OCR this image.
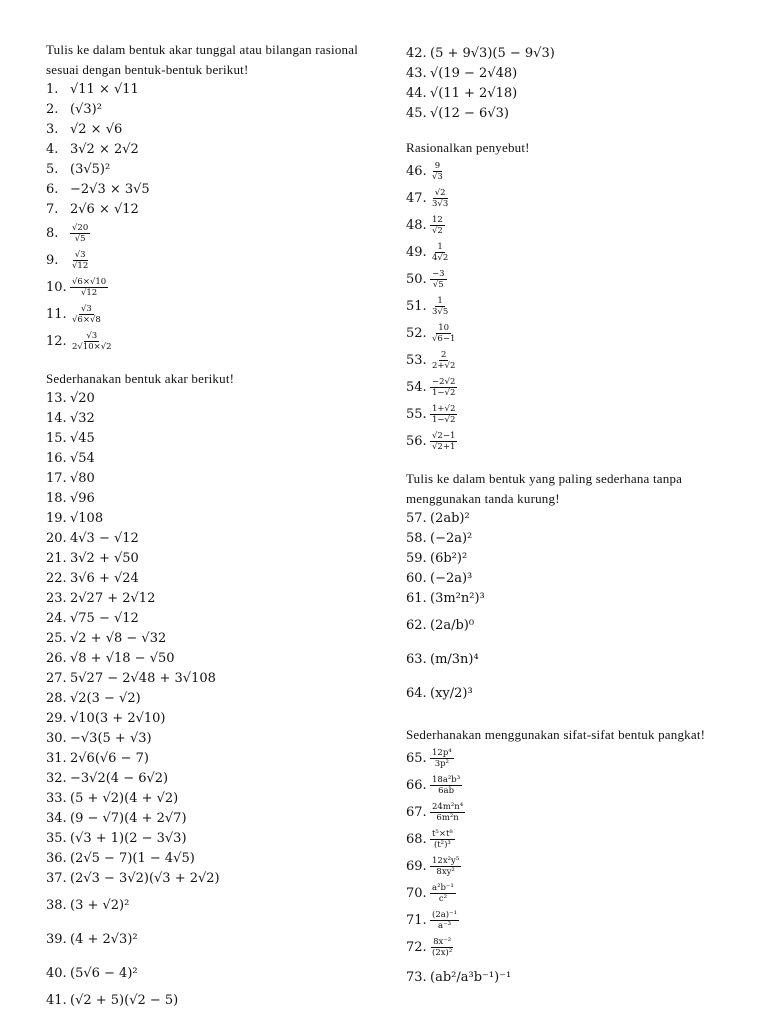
Tulis ke dalam bentuk akar tunggal atau bilangan rasional sesuai dengan bentuk-bentuk berikut!
1. √11 × √11
2. (√3)²
3. √2 × √6
4. 3√2 × 2√2
5. (3√5)²
6. −2√3 × 3√5
7. 2√6 × √12
8.	$\frac{√20}{√5}$
9.	$\frac{√3}{√12}$
10. $\frac{√6\times√10}{√12}$
11. $\frac{√3}{√6\times√8}$
12. $\frac{√3}{2√10\times√2}$
Sederhanakan bentuk akar berikut!
13. √20
14. √32
15. √45
16. √54
17. √80
18. √96
19. √108
20. 4√3 − √12
21. 3√2 + √50
22. 3√6 + √24
23. 2√27 + 2√12
24. √75 − √12
25. √2 + √8 − √32
26. √8 + √18 − √50
27. 5√27 − 2√48 + 3√108
28. √2(3 − √2)
29. √10(3 + 2√10)
30. −√3(5 + √3)
31. 2√6(√6 − 7)
32. −3√2(4 − 6√2)
33. (5 + √2)(4 + √2)
34. (9 − √7)(4 + 2√7)
35. (√3 + 1)(2 − 3√3)
36. (2√5 − 7)(1 − 4√5)
37. (2√3 − 3√2)(√3 + 2√2)
38. (3 + √2)²
39. (4 + 2√3)²
40. (5√6 − 4)²
41. (√2 + 5)(√2 − 5)
42. (5 + 9√3)(5 − 9√3)
43. √(19 − 2√48)
44. √(11 + 2√18)
45. √(12 − 6√3)
Rasionalkan penyebut!
46. $\frac{9}{√3}$
47. $\frac{√2}{3√3}$
48. $\frac{12}{√2}$
49. $\frac{1}{4√2}$
50. $\frac{-3}{√5}$
51. $\frac{1}{3√5}$
52. $\frac{10}{√6-1}$
53. $\frac{2}{2+√2}$
54. $\frac{-2√2}{1-√2}$
55. $\frac{1+√2}{1-√2}$
56. $\frac{√2-1}{√2+1}$
Tulis ke dalam bentuk yang paling sederhana tanpa menggunakan tanda kurung!
57. (2ab)²
58. (−2a)²
59. (6b²)²
60. (−2a)³
61. (3m²n²)³
62. (2a/b)⁰
63. (m/3n)⁴
64. (xy/2)³
Sederhanakan menggunakan sifat-sifat bentuk pangkat!
65. $\frac{\text{12p⁴}}{\text{3p²}}$
66. $\frac{\text{18a²b³}}{6ab}$
67. $\frac{\text{24m²n⁴}}{\text{6m²n}}$
68. $\frac{\text{t⁵×t⁸}}{\text{(t²)³}}$
69. $\frac{\text{12x²y⁵}}{\text{8xy²}}$
70. $\frac{\text{a²b⁻¹}}{\text{c²}}$
71. $\frac{\text{(2a)⁻¹}}{\text{a⁻³}}$
72. $\frac{\text{8x⁻²}}{\text{(2x)²}}$
73. (ab²/a³b⁻¹)⁻¹
